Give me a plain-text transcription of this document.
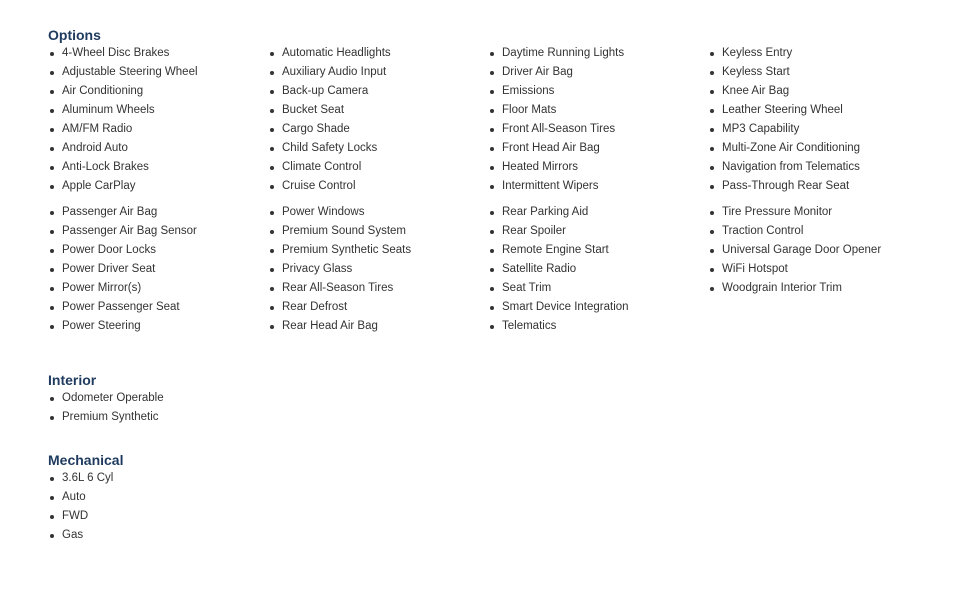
Options
4-Wheel Disc Brakes
Adjustable Steering Wheel
Air Conditioning
Aluminum Wheels
AM/FM Radio
Android Auto
Anti-Lock Brakes
Apple CarPlay
Automatic Headlights
Auxiliary Audio Input
Back-up Camera
Bucket Seat
Cargo Shade
Child Safety Locks
Climate Control
Cruise Control
Daytime Running Lights
Driver Air Bag
Emissions
Floor Mats
Front All-Season Tires
Front Head Air Bag
Heated Mirrors
Intermittent Wipers
Keyless Entry
Keyless Start
Knee Air Bag
Leather Steering Wheel
MP3 Capability
Multi-Zone Air Conditioning
Navigation from Telematics
Pass-Through Rear Seat
Passenger Air Bag
Passenger Air Bag Sensor
Power Door Locks
Power Driver Seat
Power Mirror(s)
Power Passenger Seat
Power Steering
Power Windows
Premium Sound System
Premium Synthetic Seats
Privacy Glass
Rear All-Season Tires
Rear Defrost
Rear Head Air Bag
Rear Parking Aid
Rear Spoiler
Remote Engine Start
Satellite Radio
Seat Trim
Smart Device Integration
Telematics
Tire Pressure Monitor
Traction Control
Universal Garage Door Opener
WiFi Hotspot
Woodgrain Interior Trim
Interior
Odometer Operable
Premium Synthetic
Mechanical
3.6L 6 Cyl
Auto
FWD
Gas
